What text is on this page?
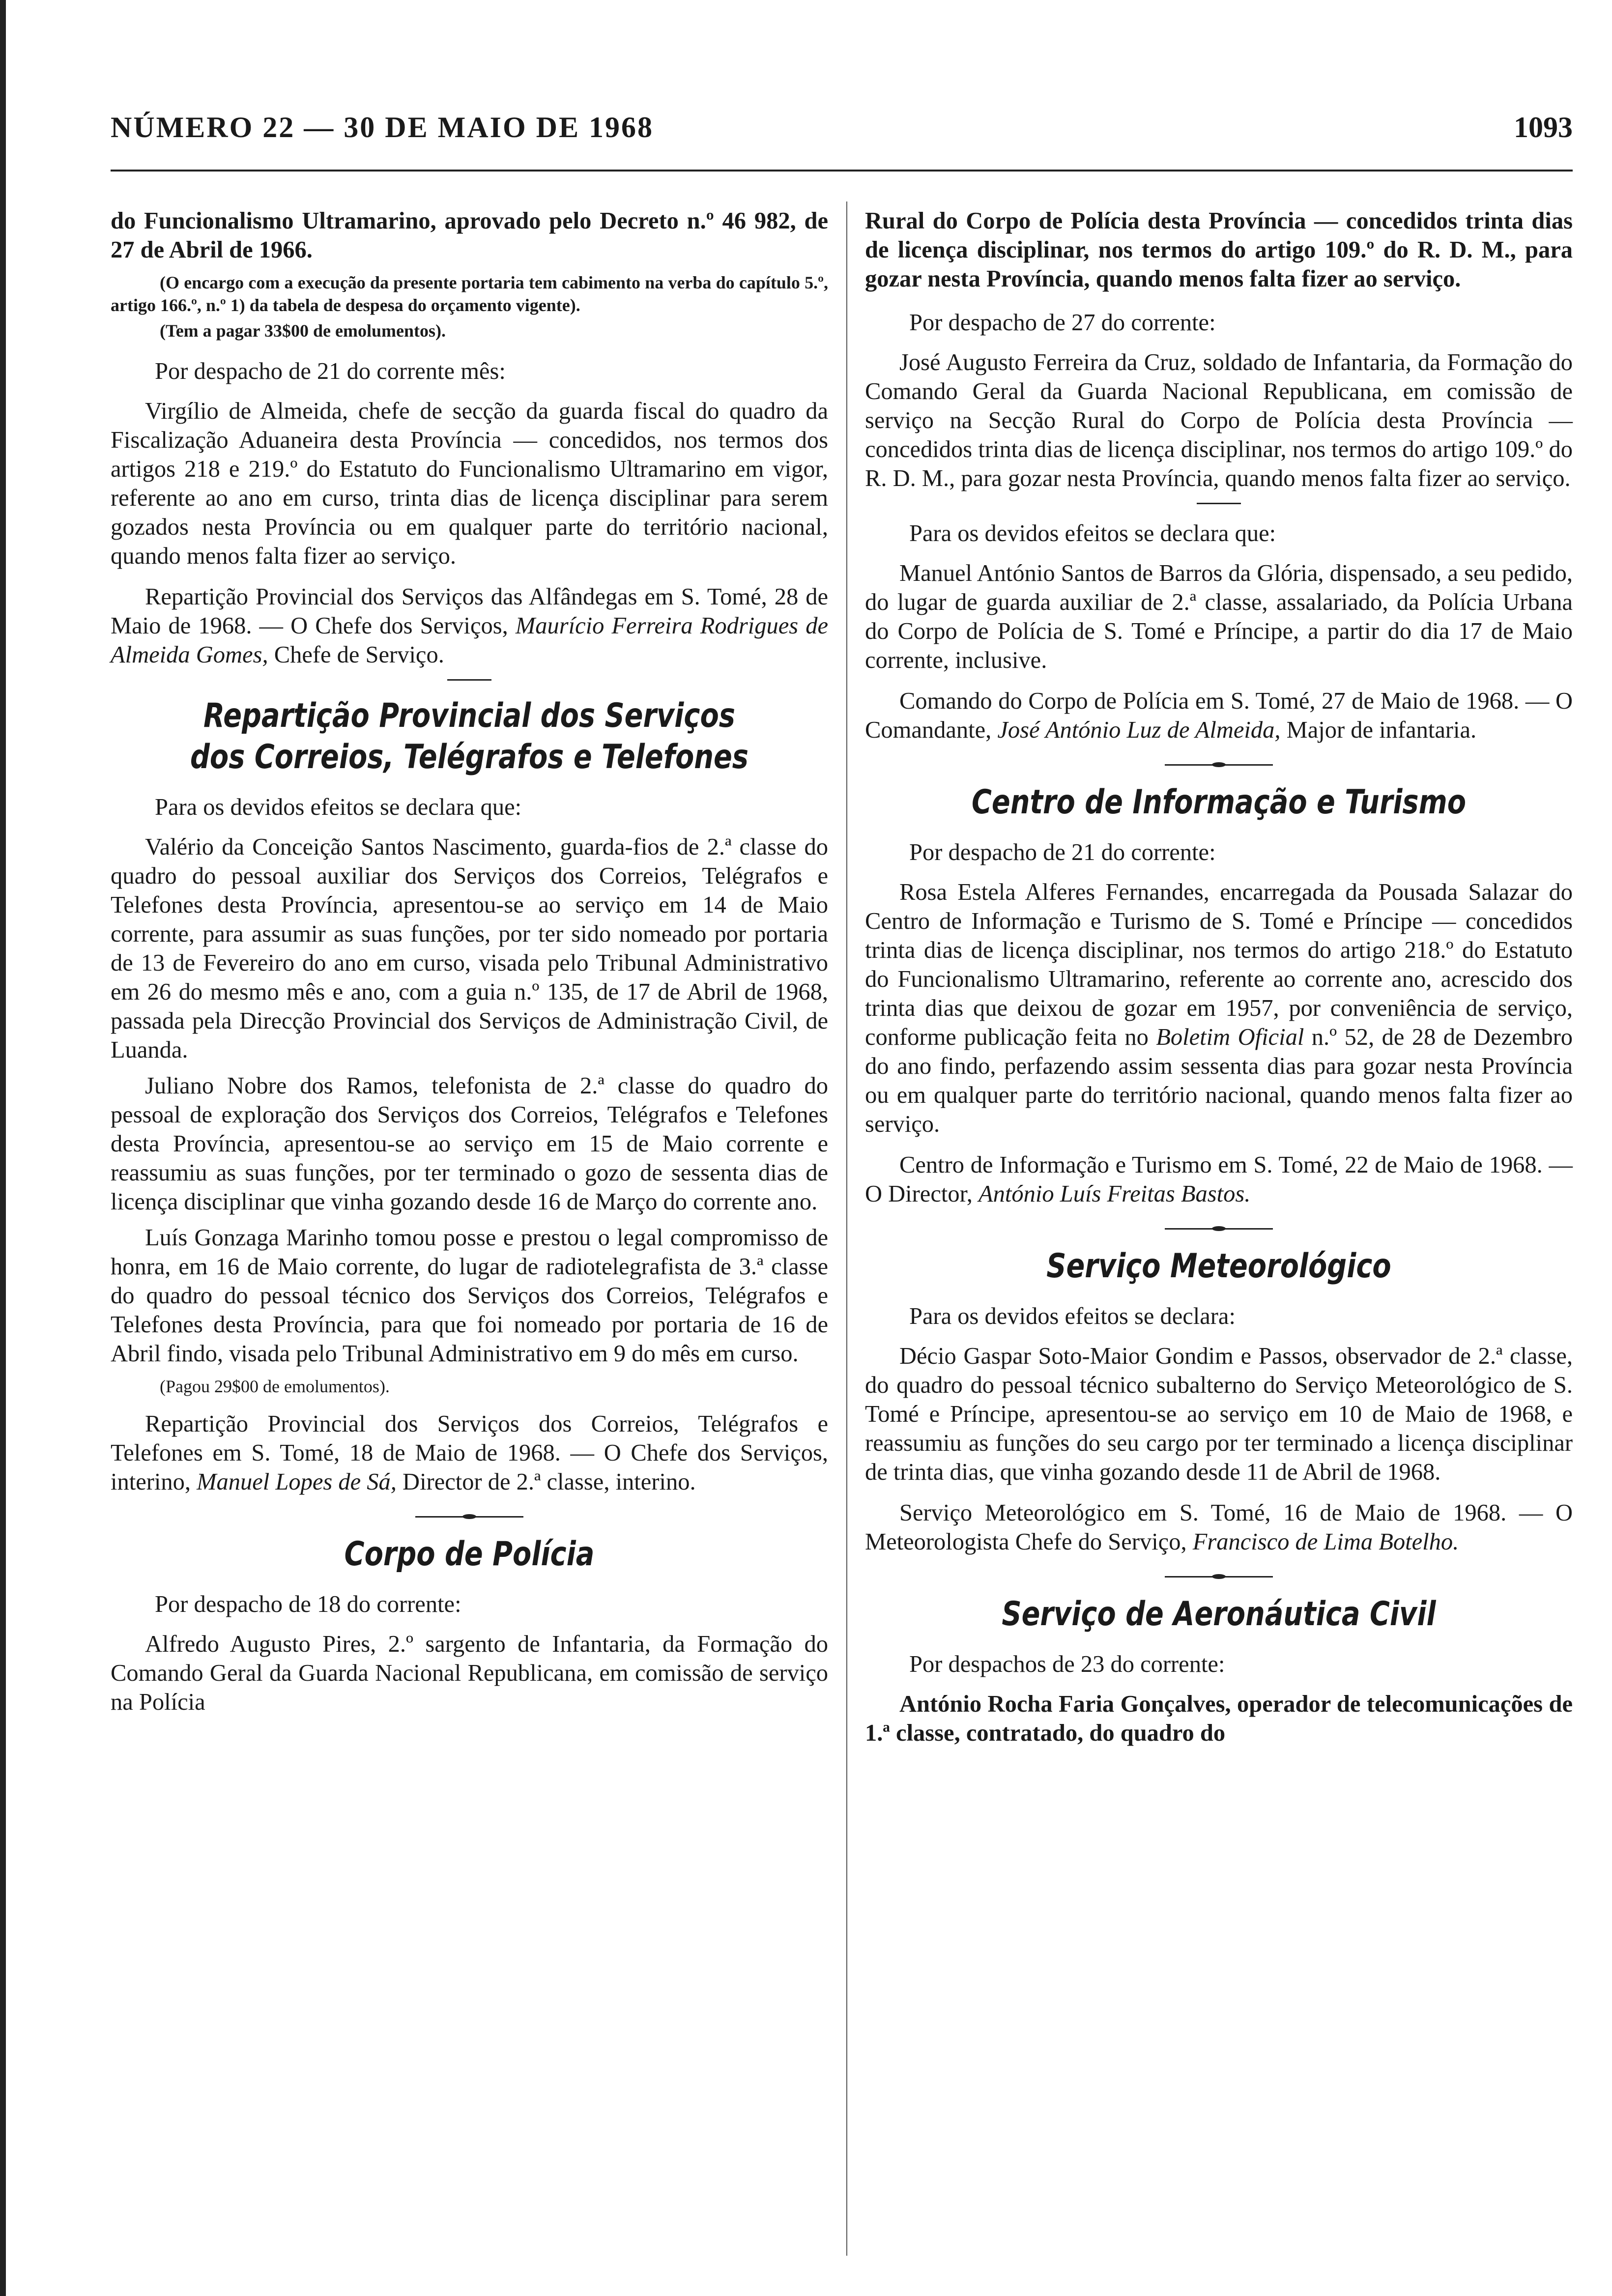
NÚMERO 22 — 30 DE MAIO DE 1968	1093

do Funcionalismo Ultramarino, aprovado pelo Decreto n.º 46 982, de 27 de Abril de 1966.

(O encargo com a execução da presente portaria tem cabimento na verba do capítulo 5.º, artigo 166.º, n.º 1) da tabela de despesa do orçamento vigente).

(Tem a pagar 33$00 de emolumentos).

Por despacho de 21 do corrente mês:

Virgílio de Almeida, chefe de secção da guarda fiscal do quadro da Fiscalização Aduaneira desta Província — concedidos, nos termos dos artigos 218 e 219.º do Estatuto do Funcionalismo Ultramarino em vigor, referente ao ano em curso, trinta dias de licença disciplinar para serem gozados nesta Província ou em qualquer parte do território nacional, quando menos falta fizer ao serviço.

Repartição Provincial dos Serviços das Alfândegas em S. Tomé, 28 de Maio de 1968. — O Chefe dos Serviços, Maurício Ferreira Rodrigues de Almeida Gomes, Chefe de Serviço.

Repartição Provincial dos Serviços dos Correios, Telégrafos e Telefones

Para os devidos efeitos se declara que:

Valério da Conceição Santos Nascimento, guarda-fios de 2.ª classe do quadro do pessoal auxiliar dos Serviços dos Correios, Telégrafos e Telefones desta Província, apresentou-se ao serviço em 14 de Maio corrente, para assumir as suas funções, por ter sido nomeado por portaria de 13 de Fevereiro do ano em curso, visada pelo Tribunal Administrativo em 26 do mesmo mês e ano, com a guia n.º 135, de 17 de Abril de 1968, passada pela Direcção Provincial dos Serviços de Administração Civil, de Luanda.

Juliano Nobre dos Ramos, telefonista de 2.ª classe do quadro do pessoal de exploração dos Serviços dos Correios, Telégrafos e Telefones desta Província, apresentou-se ao serviço em 15 de Maio corrente e reassumiu as suas funções, por ter terminado o gozo de sessenta dias de licença disciplinar que vinha gozando desde 16 de Março do corrente ano.

Luís Gonzaga Marinho tomou posse e prestou o legal compromisso de honra, em 16 de Maio corrente, do lugar de radiotelegrafista de 3.ª classe do quadro do pessoal técnico dos Serviços dos Correios, Telégrafos e Telefones desta Província, para que foi nomeado por portaria de 16 de Abril findo, visada pelo Tribunal Administrativo em 9 do mês em curso.

(Pagou 29$00 de emolumentos).

Repartição Provincial dos Serviços dos Correios, Telégrafos e Telefones em S. Tomé, 18 de Maio de 1968. — O Chefe dos Serviços, interino, Manuel Lopes de Sá, Director de 2.ª classe, interino.

Corpo de Polícia

Por despacho de 18 do corrente:

Alfredo Augusto Pires, 2.º sargento de Infantaria, da Formação do Comando Geral da Guarda Nacional Republicana, em comissão de serviço na Polícia

Rural do Corpo de Polícia desta Província — concedidos trinta dias de licença disciplinar, nos termos do artigo 109.º do R. D. M., para gozar nesta Província, quando menos falta fizer ao serviço.

Por despacho de 27 do corrente:

José Augusto Ferreira da Cruz, soldado de Infantaria, da Formação do Comando Geral da Guarda Nacional Republicana, em comissão de serviço na Secção Rural do Corpo de Polícia desta Província — concedidos trinta dias de licença disciplinar, nos termos do artigo 109.º do R. D. M., para gozar nesta Província, quando menos falta fizer ao serviço.

Para os devidos efeitos se declara que:

Manuel António Santos de Barros da Glória, dispensado, a seu pedido, do lugar de guarda auxiliar de 2.ª classe, assalariado, da Polícia Urbana do Corpo de Polícia de S. Tomé e Príncipe, a partir do dia 17 de Maio corrente, inclusive.

Comando do Corpo de Polícia em S. Tomé, 27 de Maio de 1968. — O Comandante, José António Luz de Almeida, Major de infantaria.

Centro de Informação e Turismo

Por despacho de 21 do corrente:

Rosa Estela Alferes Fernandes, encarregada da Pousada Salazar do Centro de Informação e Turismo de S. Tomé e Príncipe — concedidos trinta dias de licença disciplinar, nos termos do artigo 218.º do Estatuto do Funcionalismo Ultramarino, referente ao corrente ano, acrescido dos trinta dias que deixou de gozar em 1957, por conveniência de serviço, conforme publicação feita no Boletim Oficial n.º 52, de 28 de Dezembro do ano findo, perfazendo assim sessenta dias para gozar nesta Província ou em qualquer parte do território nacional, quando menos falta fizer ao serviço.

Centro de Informação e Turismo em S. Tomé, 22 de Maio de 1968. — O Director, António Luís Freitas Bastos.

Serviço Meteorológico

Para os devidos efeitos se declara:

Décio Gaspar Soto-Maior Gondim e Passos, observador de 2.ª classe, do quadro do pessoal técnico subalterno do Serviço Meteorológico de S. Tomé e Príncipe, apresentou-se ao serviço em 10 de Maio de 1968, e reassumiu as funções do seu cargo por ter terminado a licença disciplinar de trinta dias, que vinha gozando desde 11 de Abril de 1968.

Serviço Meteorológico em S. Tomé, 16 de Maio de 1968. — O Meteorologista Chefe do Serviço, Francisco de Lima Botelho.

Serviço de Aeronáutica Civil

Por despachos de 23 do corrente:

António Rocha Faria Gonçalves, operador de telecomunicações de 1.ª classe, contratado, do quadro do
